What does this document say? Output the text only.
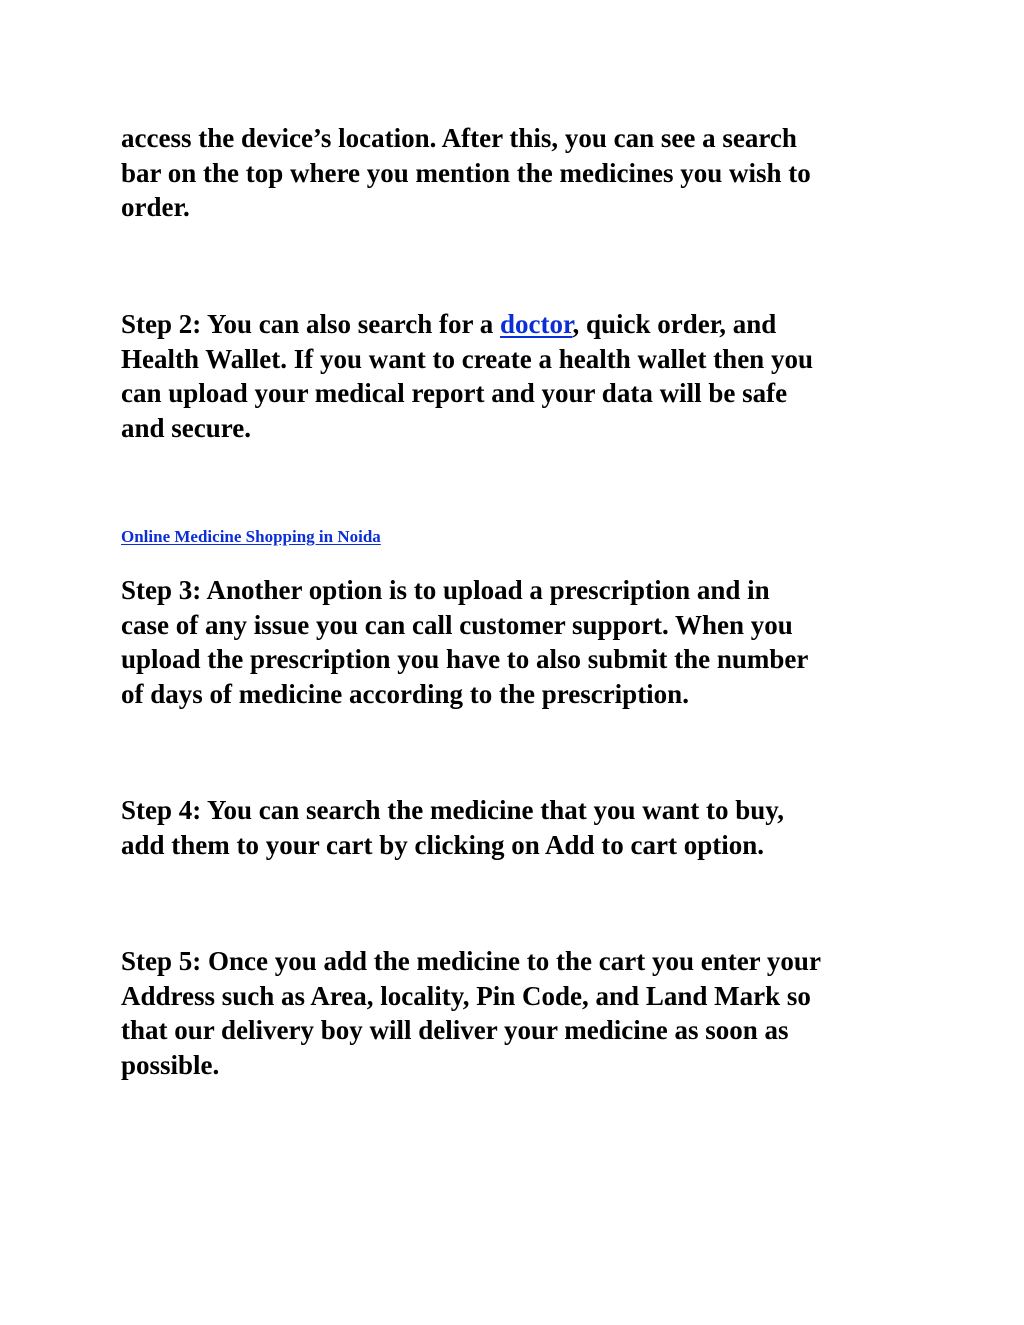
access the device’s location. After this, you can see a search
bar on the top where you mention the medicines you wish to
order.

Step 2: You can also search for a doctor, quick order, and
Health Wallet. If you want to create a health wallet then you
can upload your medical report and your data will be safe
and secure.

Online Medicine Shopping in Noida

Step 3: Another option is to upload a prescription and in
case of any issue you can call customer support. When you
upload the prescription you have to also submit the number
of days of medicine according to the prescription.

Step 4: You can search the medicine that you want to buy,
add them to your cart by clicking on Add to cart option.

Step 5: Once you add the medicine to the cart you enter your
Address such as Area, locality, Pin Code, and Land Mark so
that our delivery boy will deliver your medicine as soon as
possible.
